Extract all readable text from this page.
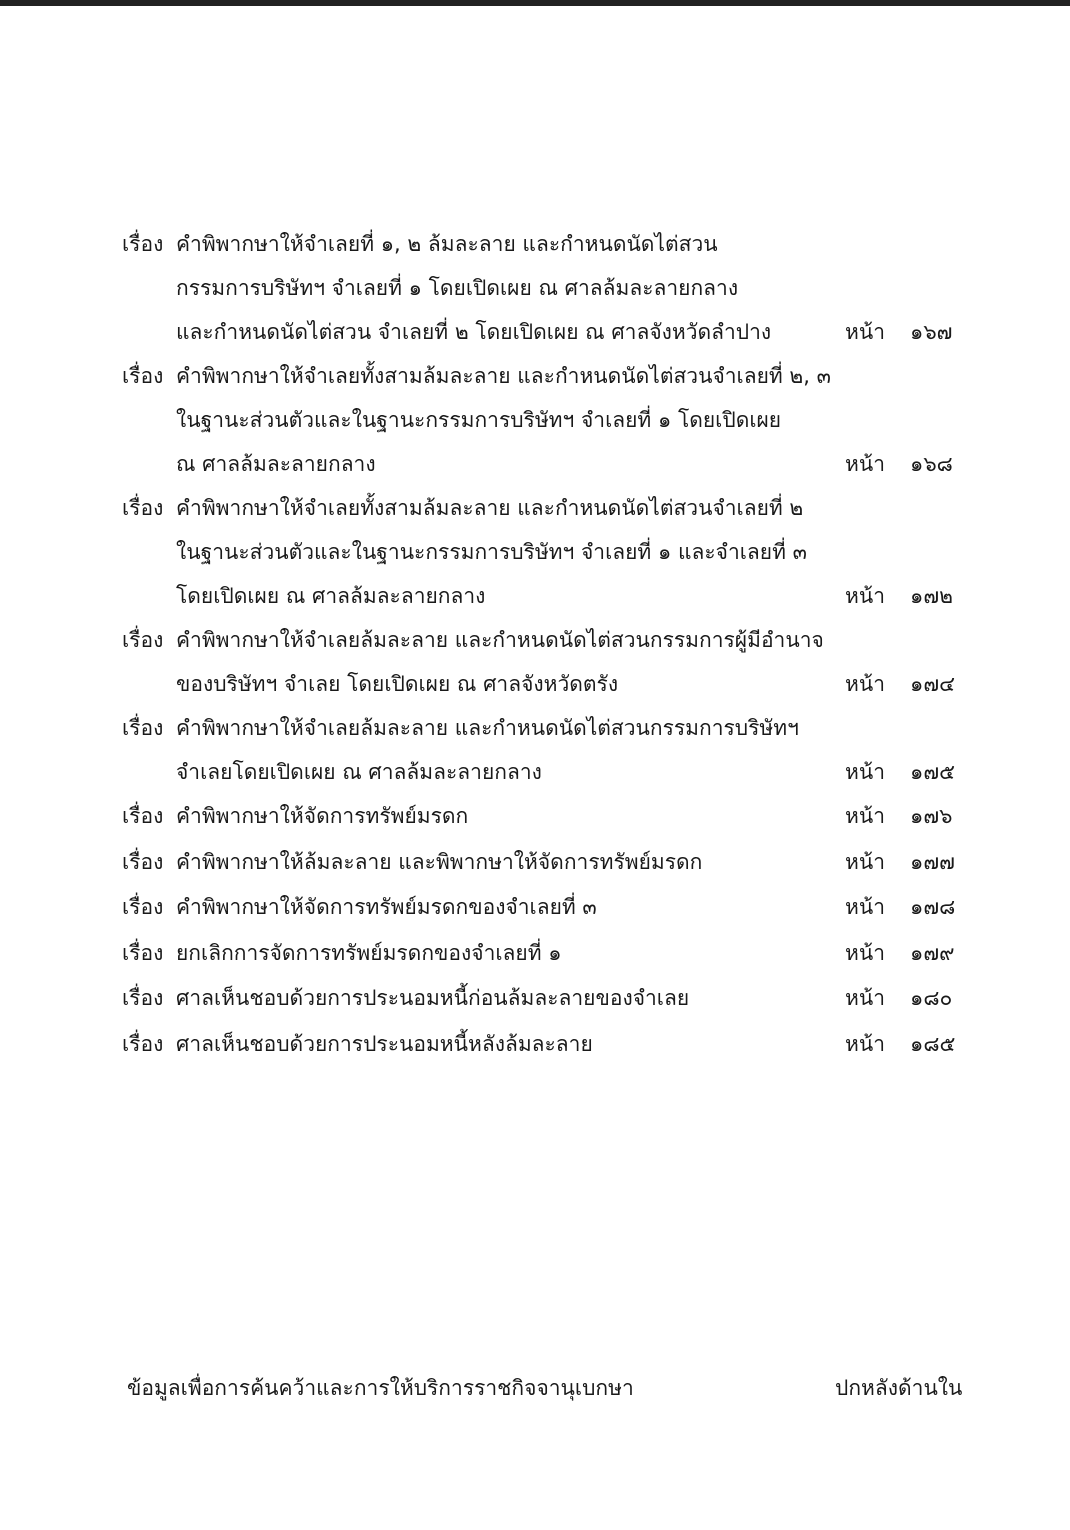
เรื่อง คำพิพากษาให้จำเลยที่ ๑, ๒ ล้มละลาย และกำหนดนัดไต่สวน
กรรมการบริษัทฯ จำเลยที่ ๑ โดยเปิดเผย ณ ศาลล้มละลายกลาง
และกำหนดนัดไต่สวน จำเลยที่ ๒ โดยเปิดเผย ณ ศาลจังหวัดลำปาง	หน้า ๑๖๗
เรื่อง คำพิพากษาให้จำเลยทั้งสามล้มละลาย และกำหนดนัดไต่สวนจำเลยที่ ๒, ๓
ในฐานะส่วนตัวและในฐานะกรรมการบริษัทฯ จำเลยที่ ๑ โดยเปิดเผย
ณ ศาลล้มละลายกลาง	หน้า ๑๖๘
เรื่อง คำพิพากษาให้จำเลยทั้งสามล้มละลาย และกำหนดนัดไต่สวนจำเลยที่ ๒
ในฐานะส่วนตัวและในฐานะกรรมการบริษัทฯ จำเลยที่ ๑ และจำเลยที่ ๓
โดยเปิดเผย ณ ศาลล้มละลายกลาง	หน้า ๑๗๒
เรื่อง คำพิพากษาให้จำเลยล้มละลาย และกำหนดนัดไต่สวนกรรมการผู้มีอำนาจ
ของบริษัทฯ จำเลย โดยเปิดเผย ณ ศาลจังหวัดตรัง	หน้า ๑๗๔
เรื่อง คำพิพากษาให้จำเลยล้มละลาย และกำหนดนัดไต่สวนกรรมการบริษัทฯ
จำเลยโดยเปิดเผย ณ ศาลล้มละลายกลาง	หน้า ๑๗๕
เรื่อง คำพิพากษาให้จัดการทรัพย์มรดก	หน้า ๑๗๖
เรื่อง คำพิพากษาให้ล้มละลาย และพิพากษาให้จัดการทรัพย์มรดก	หน้า ๑๗๗
เรื่อง คำพิพากษาให้จัดการทรัพย์มรดกของจำเลยที่ ๓	หน้า ๑๗๘
เรื่อง ยกเลิกการจัดการทรัพย์มรดกของจำเลยที่ ๑	หน้า ๑๗๙
เรื่อง ศาลเห็นชอบด้วยการประนอมหนี้ก่อนล้มละลายของจำเลย	หน้า ๑๘๐
เรื่อง ศาลเห็นชอบด้วยการประนอมหนี้หลังล้มละลาย	หน้า ๑๘๕
ข้อมูลเพื่อการค้นคว้าและการให้บริการราชกิจจานุเบกษา	ปกหลังด้านใน
